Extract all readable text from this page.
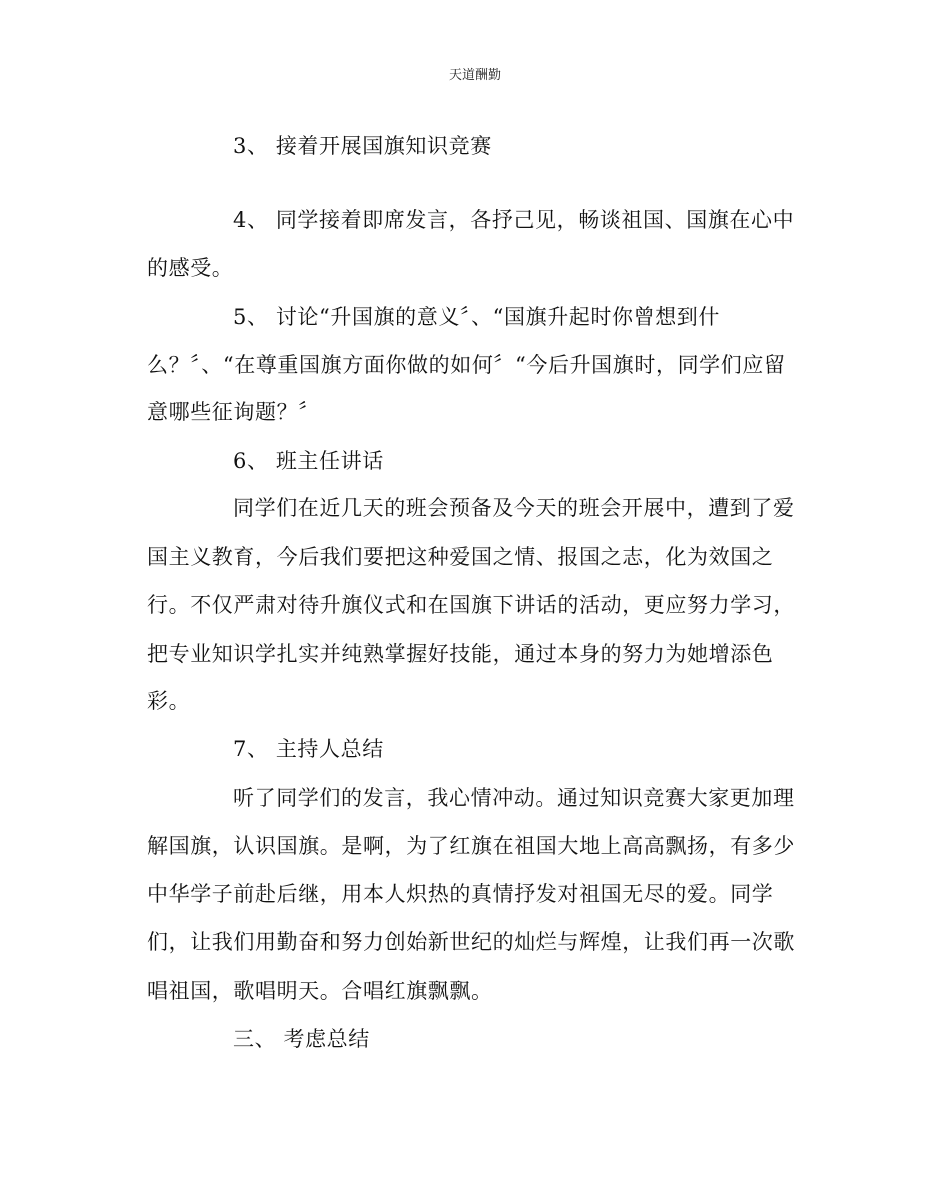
天道酬勤
3、 接着开展国旗知识竞赛
4、 同学接着即席发言，各抒己见，畅谈祖国、国旗在心中
的感受。
5、 讨论“升国旗的意义〞、“国旗升起时你曾想到什
么？〞、“在尊重国旗方面你做的如何〞“今后升国旗时，同学们应留
意哪些征询题？〞
6、 班主任讲话
同学们在近几天的班会预备及今天的班会开展中，遭到了爱
国主义教育，今后我们要把这种爱国之情、报国之志，化为效国之
行。不仅严肃对待升旗仪式和在国旗下讲话的活动，更应努力学习，
把专业知识学扎实并纯熟掌握好技能，通过本身的努力为她增添色
彩。
7、 主持人总结
听了同学们的发言，我心情冲动。通过知识竞赛大家更加理
解国旗，认识国旗。是啊，为了红旗在祖国大地上高高飘扬，有多少
中华学子前赴后继，用本人炽热的真情抒发对祖国无尽的爱。同学
们，让我们用勤奋和努力创始新世纪的灿烂与辉煌，让我们再一次歌
唱祖国，歌唱明天。合唱红旗飘飘。
三、 考虑总结
